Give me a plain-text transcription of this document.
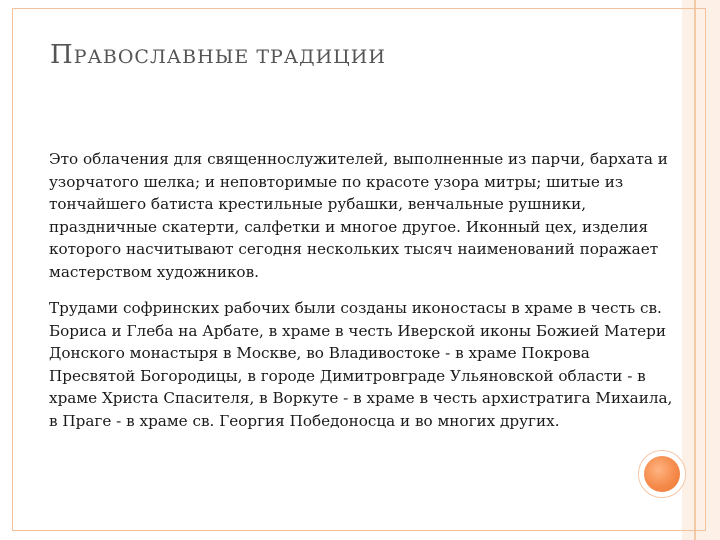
ПРАВОСЛАВНЫЕ ТРАДИЦИИ

Это облачения для священнослужителей, выполненные из парчи, бархата и узорчатого шелка; и неповторимые по красоте узора митры; шитые из тончайшего батиста крестильные рубашки, венчальные рушники, праздничные скатерти, салфетки и многое другое. Иконный цех, изделия которого насчитывают сегодня нескольких тысяч наименований поражает мастерством художников.

Трудами софринских рабочих были созданы иконостасы в храме в честь св. Бориса и Глеба на Арбате, в храме в честь Иверской иконы Божией Матери Донского монастыря в Москве, во Владивостоке - в храме Покрова Пресвятой Богородицы, в городе Димитровграде Ульяновской области - в храме Христа Спасителя, в Воркуте - в храме в честь архистратига Михаила, в Праге - в храме св. Георгия Победоносца и во многих других.
